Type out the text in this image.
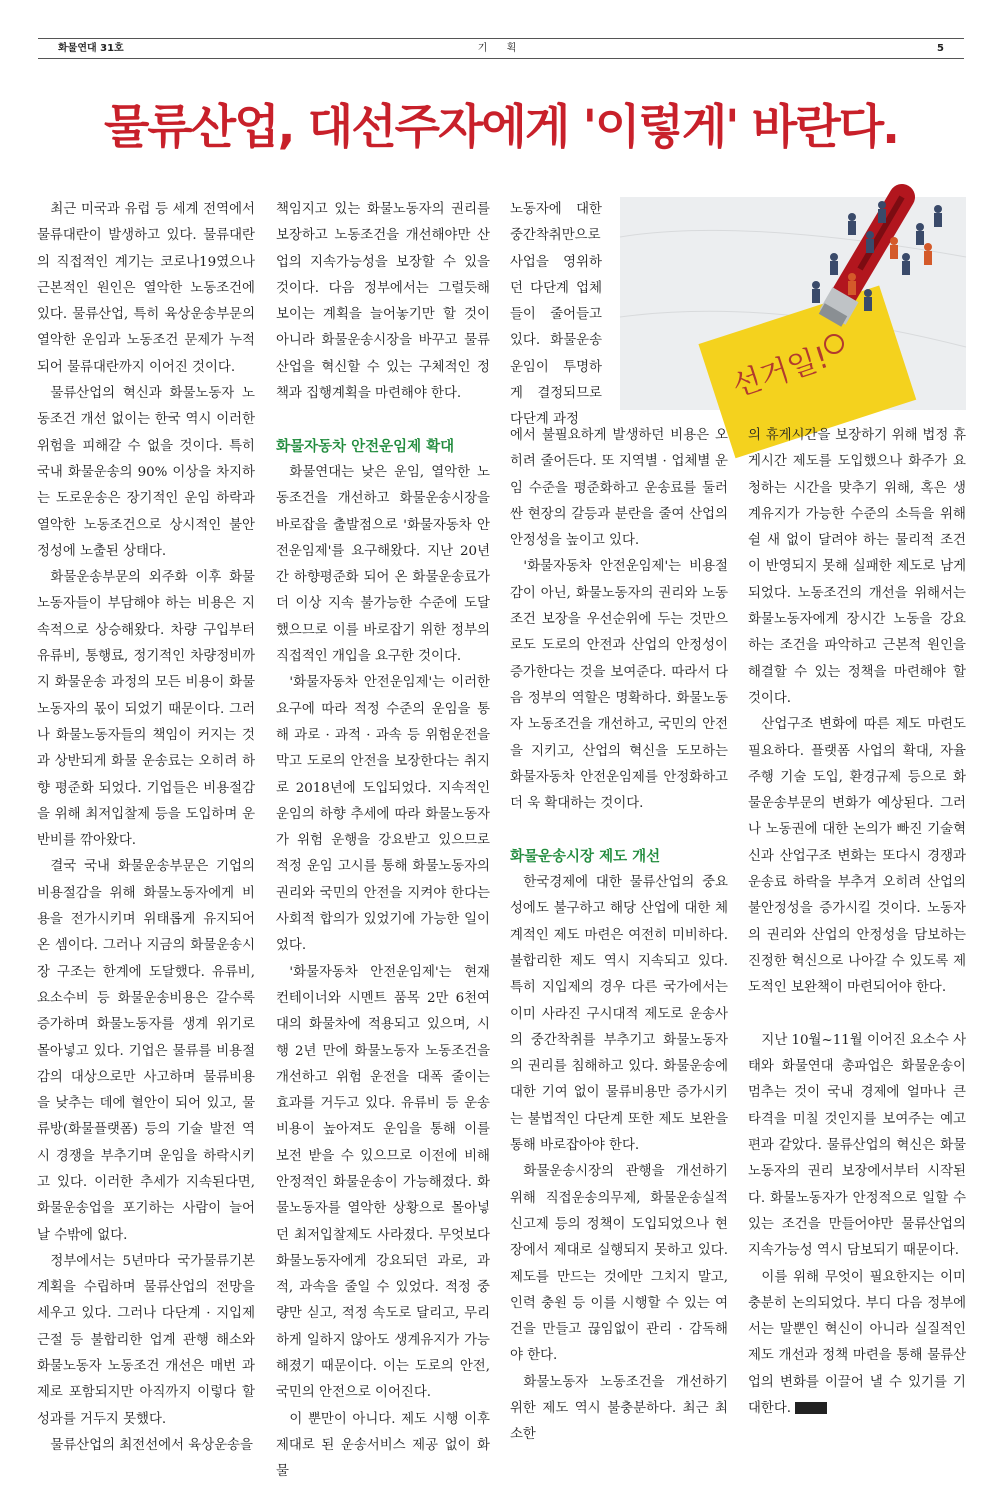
화물연대 31호	기 획	5
물류산업, 대선주자에게 '이렇게' 바란다.

최근 미국과 유럽 등 세계 전역에서 물류대란이 발생하고 있다. 물류대란의 직접적인 계기는 코로나19였으나 근본적인 원인은 열악한 노동조건에 있다. 물류산업, 특히 육상운송부문의 열악한 운임과 노동조건 문제가 누적되어 물류대란까지 이어진 것이다.

물류산업의 혁신과 화물노동자 노동조건 개선 없이는 한국 역시 이러한 위험을 피해갈 수 없을 것이다. 특히 국내 화물운송의 90% 이상을 차지하는 도로운송은 장기적인 운임 하락과 열악한 노동조건으로 상시적인 불안정성에 노출된 상태다.

화물운송부문의 외주화 이후 화물노동자들이 부담해야 하는 비용은 지속적으로 상승해왔다. 차량 구입부터 유류비, 통행료, 정기적인 차량정비까지 화물운송 과정의 모든 비용이 화물노동자의 몫이 되었기 때문이다. 그러나 화물노동자들의 책임이 커지는 것과 상반되게 화물 운송료는 오히려 하향 평준화 되었다. 기업들은 비용절감을 위해 최저입찰제 등을 도입하며 운반비를 깎아왔다.

결국 국내 화물운송부문은 기업의 비용절감을 위해 화물노동자에게 비용을 전가시키며 위태롭게 유지되어 온 셈이다. 그러나 지금의 화물운송시장 구조는 한계에 도달했다. 유류비, 요소수비 등 화물운송비용은 갈수록 증가하며 화물노동자를 생계 위기로 몰아넣고 있다. 기업은 물류를 비용절감의 대상으로만 사고하며 물류비용을 낮추는 데에 혈안이 되어 있고, 물류방(화물플랫폼) 등의 기술 발전 역시 경쟁을 부추기며 운임을 하락시키고 있다. 이러한 추세가 지속된다면, 화물운송업을 포기하는 사람이 늘어날 수밖에 없다.

정부에서는 5년마다 국가물류기본계획을 수립하며 물류산업의 전망을 세우고 있다. 그러나 다단계 · 지입제 근절 등 불합리한 업계 관행 해소와 화물노동자 노동조건 개선은 매번 과제로 포함되지만 아직까지 이렇다 할 성과를 거두지 못했다.

물류산업의 최전선에서 육상운송을

책임지고 있는 화물노동자의 권리를 보장하고 노동조건을 개선해야만 산업의 지속가능성을 보장할 수 있을 것이다. 다음 정부에서는 그럴듯해 보이는 계획을 늘어놓기만 할 것이 아니라 화물운송시장을 바꾸고 물류산업을 혁신할 수 있는 구체적인 정책과 집행계획을 마련해야 한다.

화물자동차 안전운임제 확대

화물연대는 낮은 운임, 열악한 노동조건을 개선하고 화물운송시장을 바로잡을 출발점으로 '화물자동차 안전운임제'를 요구해왔다. 지난 20년간 하향평준화 되어 온 화물운송료가 더 이상 지속 불가능한 수준에 도달했으므로 이를 바로잡기 위한 정부의 직접적인 개입을 요구한 것이다.

'화물자동차 안전운임제'는 이러한 요구에 따라 적정 수준의 운임을 통해 과로 · 과적 · 과속 등 위험운전을 막고 도로의 안전을 보장한다는 취지로 2018년에 도입되었다. 지속적인 운임의 하향 추세에 따라 화물노동자가 위험 운행을 강요받고 있으므로 적정 운임 고시를 통해 화물노동자의 권리와 국민의 안전을 지켜야 한다는 사회적 합의가 있었기에 가능한 일이었다.

'화물자동차 안전운임제'는 현재 컨테이너와 시멘트 품목 2만 6천여 대의 화물차에 적용되고 있으며, 시행 2년 만에 화물노동자 노동조건을 개선하고 위험 운전을 대폭 줄이는 효과를 거두고 있다. 유류비 등 운송비용이 높아져도 운임을 통해 이를 보전 받을 수 있으므로 이전에 비해 안정적인 화물운송이 가능해졌다. 화물노동자를 열악한 상황으로 몰아넣던 최저입찰제도 사라졌다. 무엇보다 화물노동자에게 강요되던 과로, 과적, 과속을 줄일 수 있었다. 적정 중량만 싣고, 적정 속도로 달리고, 무리하게 일하지 않아도 생계유지가 가능해졌기 때문이다. 이는 도로의 안전, 국민의 안전으로 이어진다.

이 뿐만이 아니다. 제도 시행 이후 제대로 된 운송서비스 제공 없이 화물

노동자에 대한 중간착취만으로 사업을 영위하던 다단계 업체들이 줄어들고 있다. 화물운송운임이 투명하게 결정되므로 다단계 과정

선거일!

에서 불필요하게 발생하던 비용은 오히려 줄어든다. 또 지역별 · 업체별 운임 수준을 평준화하고 운송료를 둘러싼 현장의 갈등과 분란을 줄여 산업의 안정성을 높이고 있다.

'화물자동차 안전운임제'는 비용절감이 아닌, 화물노동자의 권리와 노동조건 보장을 우선순위에 두는 것만으로도 도로의 안전과 산업의 안정성이 증가한다는 것을 보여준다. 따라서 다음 정부의 역할은 명확하다. 화물노동자 노동조건을 개선하고, 국민의 안전을 지키고, 산업의 혁신을 도모하는 화물자동차 안전운임제를 안정화하고 더 욱 확대하는 것이다.

화물운송시장 제도 개선

한국경제에 대한 물류산업의 중요성에도 불구하고 해당 산업에 대한 체계적인 제도 마련은 여전히 미비하다. 불합리한 제도 역시 지속되고 있다. 특히 지입제의 경우 다른 국가에서는 이미 사라진 구시대적 제도로 운송사의 중간착취를 부추기고 화물노동자의 권리를 침해하고 있다. 화물운송에 대한 기여 없이 물류비용만 증가시키는 불법적인 다단계 또한 제도 보완을 통해 바로잡아야 한다.

화물운송시장의 관행을 개선하기 위해 직접운송의무제, 화물운송실적신고제 등의 정책이 도입되었으나 현장에서 제대로 실행되지 못하고 있다. 제도를 만드는 것에만 그치지 말고, 인력 충원 등 이를 시행할 수 있는 여건을 만들고 끊임없이 관리 · 감독해야 한다.

화물노동자 노동조건을 개선하기 위한 제도 역시 불충분하다. 최근 최소한

의 휴게시간을 보장하기 위해 법정 휴게시간 제도를 도입했으나 화주가 요청하는 시간을 맞추기 위해, 혹은 생계유지가 가능한 수준의 소득을 위해 쉴 새 없이 달려야 하는 물리적 조건이 반영되지 못해 실패한 제도로 남게 되었다. 노동조건의 개선을 위해서는 화물노동자에게 장시간 노동을 강요하는 조건을 파악하고 근본적 원인을 해결할 수 있는 정책을 마련해야 할 것이다.

산업구조 변화에 따른 제도 마련도 필요하다. 플랫폼 사업의 확대, 자율주행 기술 도입, 환경규제 등으로 화물운송부문의 변화가 예상된다. 그러나 노동권에 대한 논의가 빠진 기술혁신과 산업구조 변화는 또다시 경쟁과 운송료 하락을 부추겨 오히려 산업의 불안정성을 증가시킬 것이다. 노동자의 권리와 산업의 안정성을 담보하는 진정한 혁신으로 나아갈 수 있도록 제도적인 보완책이 마련되어야 한다.

지난 10월~11월 이어진 요소수 사태와 화물연대 총파업은 화물운송이 멈추는 것이 국내 경제에 얼마나 큰 타격을 미칠 것인지를 보여주는 예고편과 같았다. 물류산업의 혁신은 화물노동자의 권리 보장에서부터 시작된다. 화물노동자가 안정적으로 일할 수 있는 조건을 만들어야만 물류산업의 지속가능성 역시 담보되기 때문이다.

이를 위해 무엇이 필요한지는 이미 충분히 논의되었다. 부디 다음 정부에서는 말뿐인 혁신이 아니라 실질적인 제도 개선과 정책 마련을 통해 물류산업의 변화를 이끌어 낼 수 있기를 기대한다.
